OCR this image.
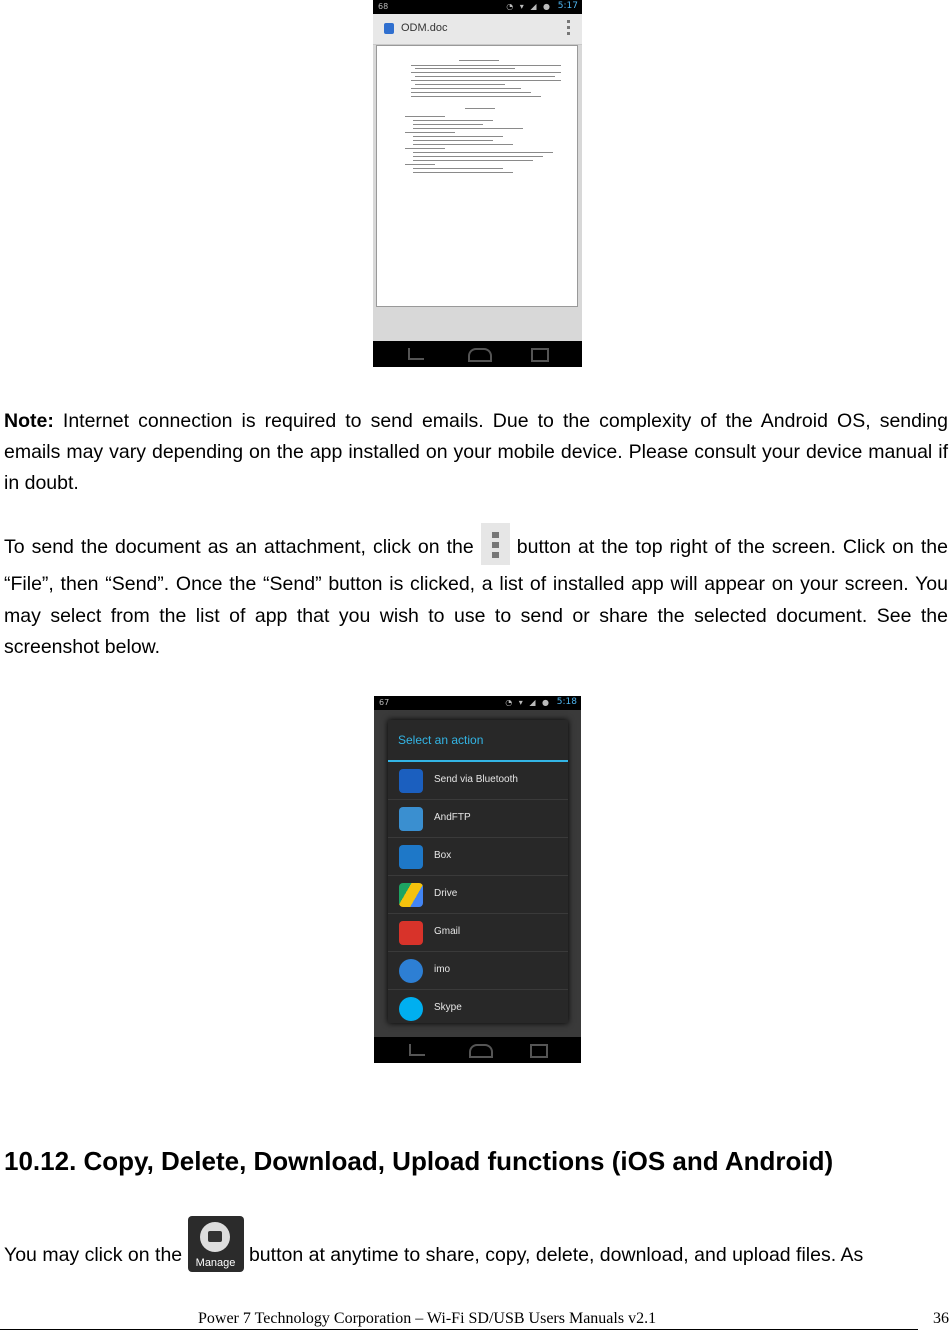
68	◔ ▾ ◢ ● 5:17
ODM.doc
Note: Internet connection is required to send emails. Due to the complexity of the Android OS, sending emails may vary depending on the app installed on your mobile device. Please consult your device manual if in doubt.
To send the document as an attachment, click on the
button at the top right of the screen. Click on the “File”, then “Send”. Once the “Send” button is clicked, a list of installed app will appear on your screen. You may select from the list of app that you wish to use to send or share the selected document. See the screenshot below.
67	◔ ▾ ◢ ● 5:18
Select an action
Send via Bluetooth
AndFTP
Box
Drive
Gmail
imo
Skype
10.12. Copy, Delete, Download, Upload functions (iOS and Android)
You may click on the Manage button at anytime to share, copy, delete, download, and upload files. As
Power 7 Technology Corporation – Wi-Fi SD/USB Users Manuals v2.1	36
